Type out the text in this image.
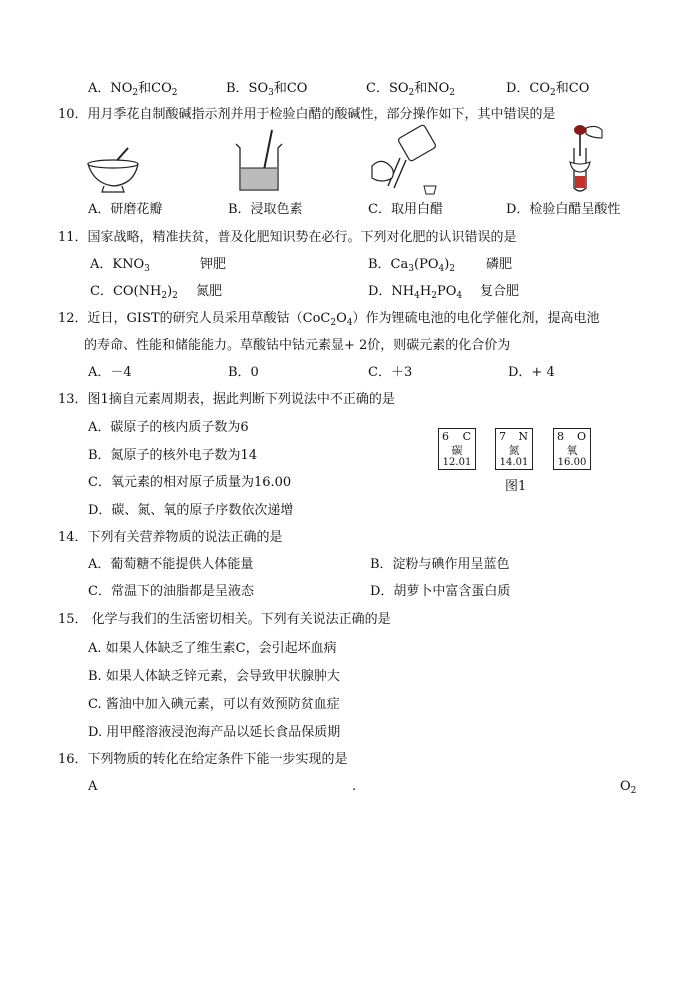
A．$NO_2$和$CO_2$	B．$SO_3$和CO	C．$SO_2$和$NO_2$	D．$CO_2$和CO
10．用月季花自制酸碱指示剂并用于检验白醋的酸碱性，部分操作如下，其中错误的是
A．研磨花瓣	B．浸取色素	C．取用白醋	D．检验白醋呈酸性
11．国家战略，精准扶贫，普及化肥知识势在必行。下列对化肥的认识错误的是
A．$KNO_3$	钾肥	B．$Ca_3(PO_4)_2$ 磷肥
C．$CO(NH_2)_2$ 氮肥	D．$NH_4H_2PO_4$ 复合肥
12．近日，GIST的研究人员采用草酸钴$(CoC_2O_4)$作为锂硫电池的电化学催化剂，提高电池
的寿命、性能和储能能力。草酸钴中钴元素显+ 2价，则碳元素的化合价为
A．－4	B．0	C．＋3	D．+ 4
13．图1摘自元素周期表，据此判断下列说法中不正确的是
A．碳原子的核内质子数为6
B．氮原子的核外电子数为14
C．氧元素的相对原子质量为16.00
D．碳、氮、氧的原子序数依次递增
6 C
碳
12.01
7 N
氮
14.01
8 O
氧
16.00
图1
14．下列有关营养物质的说法正确的是
A．葡萄糖不能提供人体能量	B．淀粉与碘作用呈蓝色
C．常温下的油脂都是呈液态	D．胡萝卜中富含蛋白质
15． 化学与我们的生活密切相关。下列有关说法正确的是
A. 如果人体缺乏了维生素C，会引起坏血病
B. 如果人体缺乏锌元素，会导致甲状腺肿大
C. 酱油中加入碘元素，可以有效预防贫血症
D. 用甲醛溶液浸泡海产品以延长食品保质期
16．下列物质的转化在给定条件下能一步实现的是
A	.	$O_2$
